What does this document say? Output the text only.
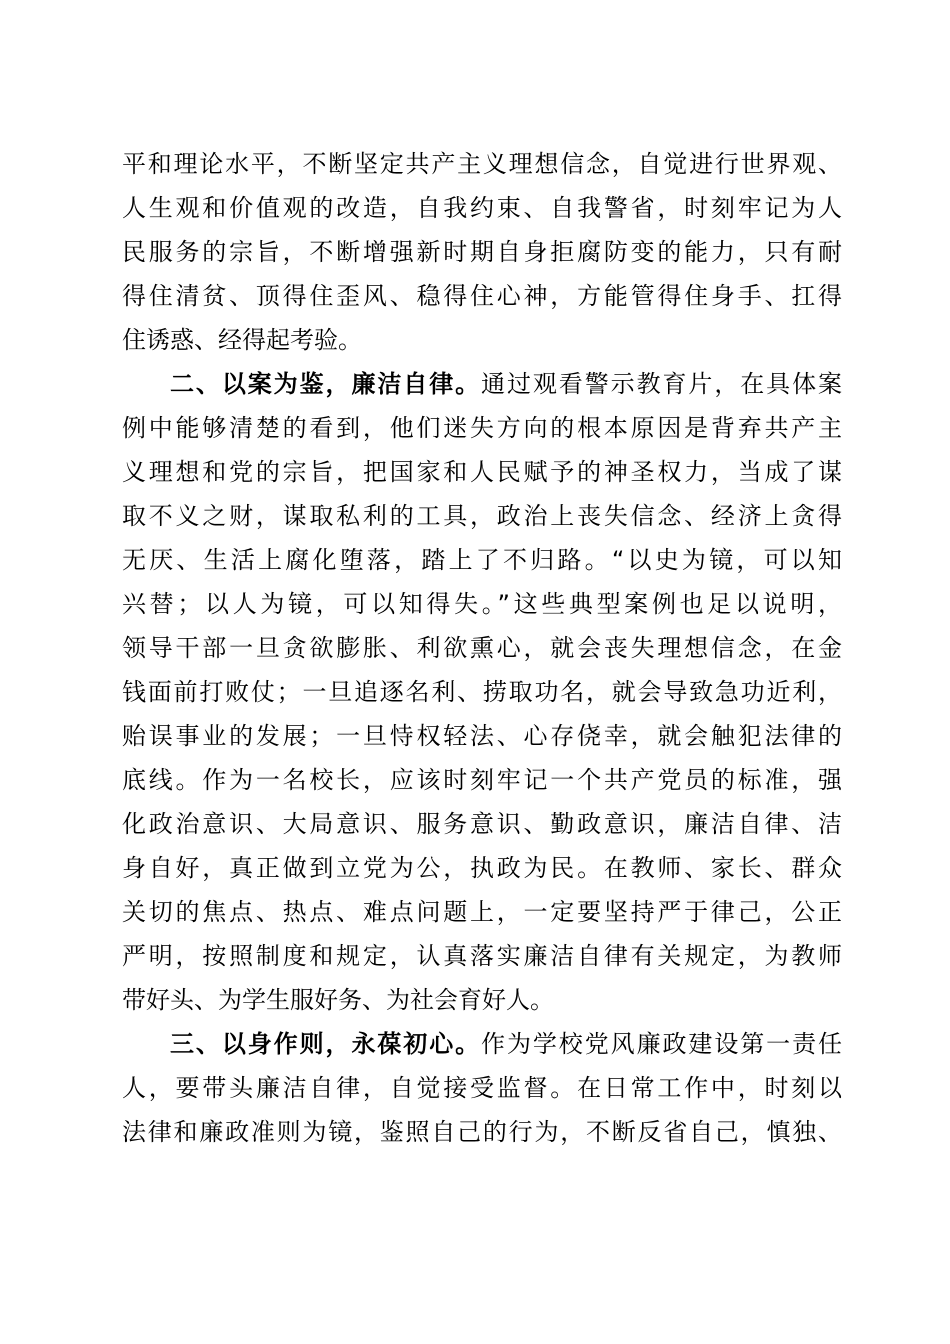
平和理论水平，不断坚定共产主义理想信念，自觉进行世界观、
人生观和价值观的改造，自我约束、自我警省，时刻牢记为人
民服务的宗旨，不断增强新时期自身拒腐防变的能力，只有耐
得住清贫、顶得住歪风、稳得住心神，方能管得住身手、扛得
住诱惑、经得起考验。
二、以案为鉴，廉洁自律。通过观看警示教育片，在具体案
例中能够清楚的看到，他们迷失方向的根本原因是背弃共产主
义理想和党的宗旨，把国家和人民赋予的神圣权力，当成了谋
取不义之财，谋取私利的工具，政治上丧失信念、经济上贪得
无厌、生活上腐化堕落，踏上了不归路。“以史为镜，可以知
兴替；以人为镜，可以知得失。”这些典型案例也足以说明，
领导干部一旦贪欲膨胀、利欲熏心，就会丧失理想信念，在金
钱面前打败仗；一旦追逐名利、捞取功名，就会导致急功近利，
贻误事业的发展；一旦恃权轻法、心存侥幸，就会触犯法律的
底线。作为一名校长，应该时刻牢记一个共产党员的标准，强
化政治意识、大局意识、服务意识、勤政意识，廉洁自律、洁
身自好，真正做到立党为公，执政为民。在教师、家长、群众
关切的焦点、热点、难点问题上，一定要坚持严于律己，公正
严明，按照制度和规定，认真落实廉洁自律有关规定，为教师
带好头、为学生服好务、为社会育好人。
三、以身作则，永葆初心。作为学校党风廉政建设第一责任
人，要带头廉洁自律，自觉接受监督。在日常工作中，时刻以
法律和廉政准则为镜，鉴照自己的行为，不断反省自己，慎独、
